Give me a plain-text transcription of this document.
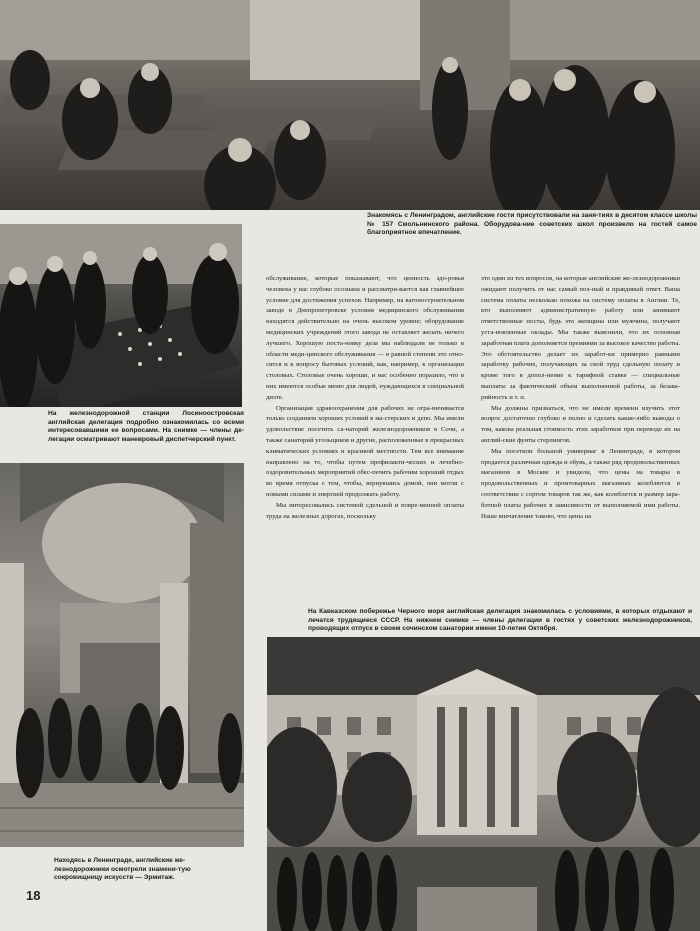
Знакомясь с Ленинградом, английские гости присутствовали на заня-тиях в десятом классе школы № 157 Смольнинского района. Оборудова-ние советских школ произвело на гостей самое благоприятное впечатление.
На железнодорожной станции Лосиноостровская английская делегация подробно ознакомилась со всеми интересовавшими ее вопросами. На снимке — члены де-легации осматривают маневровый диспетчерский пункт.
Находясь в Ленинграде, английские же-лезнодорожники осмотрели знамени-тую сокровищницу искусств — Эрмитаж.

обслуживание, которые показывают, что ценность здо-ровья человека у вас глубоко осознана и рассматри-вается как главнейшее условие для достижения успехов. Например, на вагоностроительном заводе в Днепропетровске условия медицинского обслуживания находятся действительно на очень высоком уровне; оборудование медицинских учреждений этого завода не оставляет желать ничего лучшего. Хорошую поста-новку дела мы наблюдали не только в области меди-цинского обслуживания — в равной степени это отно-сится и к вопросу бытовых условий, как, например, к организации столовых. Столовые очень хороши, и нас особенно поразило, что в них имеются особые меню для людей, нуждающихся в специальной диэте.

Организация здравоохранения для рабочих не огра-ничивается только созданием хороших условий в ма-стерских и депо. Мы имели удовольствие посетить са-наторий железнодорожников в Сочи, а также санаторий угольщиков и другие, расположенные в прекрасных климатических условиях и красивой местности. Тем все внимание направлено на то, чтобы путем профилакти-ческих и лечебно-оздоровительных мероприятий обес-печить рабочим хороший отдых во время отпуска с тем, чтобы, вернувшись домой, они могли с новыми силами и энергией продолжать работу.

Мы интересовались системой сдельной и повре-менной оплаты труда на железных дорогах, поскольку

это один из тех вопросов, на которые английские же-лезнодорожники ожидают получить от нас самый пол-ный и правдивый ответ. Ваша система оплаты несколько похожа на систему оплаты в Англии. Те, кто выполняют административную работу или занимают ответственные посты, будь это женщина или мужчина, получают уста-новленные оклады. Мы также выяснили, что их основная заработная плата дополняется премиями за высокое качество работы. Это обстоятельство делает их заработ-ки примерно равными заработку рабочих, получающих за свой труд сдельную оплату и кроме того в допол-нение к тарифной ставке — специальные выплаты за фактический объем выполненной работы, за безава-рийность и т. п.

Мы должны признаться, что не имели времени изучить этот вопрос достаточно глубоко и полно и сделать какие-либо выводы о том, какова реальная стоимость этих заработков при переводе их на англий-ские фунты стерлингов.

Мы посетили большой универмаг в Ленинграде, в котором продается различная одежда и обувь, а также ряд продовольственных магазинов в Москве и увидели, что цены на товары в продовольственных и промтоварных магазинах колеблются в соответствии с сортом товаров так же, как колеблется и размер зара-ботной платы рабочих в зависимости от выполняемой ими работы. Наше впечатление таково, что цены на

На Кавказском побережье Черного моря английская делегация знакомилась с условиями, в которых отдыхают и лечатся трудящиеся СССР. На нижнем снимке — члены делегации в гостях у советских железнодорожников, проводящих отпуск в своем сочинском санатории имени 10-летия Октября.
18
